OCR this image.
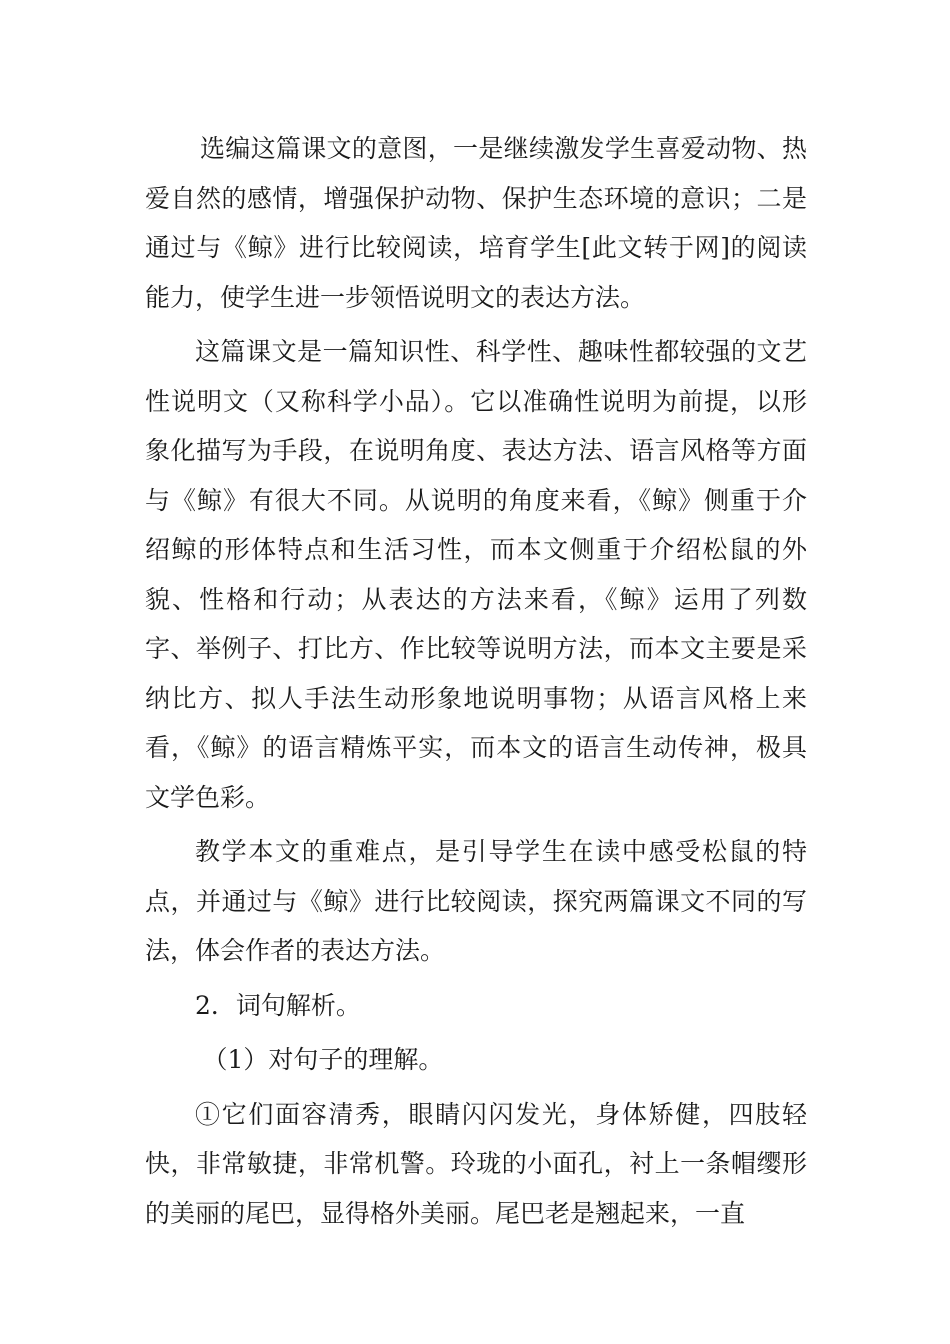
选编这篇课文的意图，一是继续激发学生喜爱动物、热爱自然的感情，增强保护动物、保护生态环境的意识；二是通过与《鲸》进行比较阅读，培育学生[此文转于网]的阅读能力，使学生进一步领悟说明文的表达方法。

这篇课文是一篇知识性、科学性、趣味性都较强的文艺性说明文（又称科学小品）。它以准确性说明为前提，以形象化描写为手段，在说明角度、表达方法、语言风格等方面与《鲸》有很大不同。从说明的角度来看，《鲸》侧重于介绍鲸的形体特点和生活习性，而本文侧重于介绍松鼠的外貌、性格和行动；从表达的方法来看，《鲸》运用了列数字、举例子、打比方、作比较等说明方法，而本文主要是采纳比方、拟人手法生动形象地说明事物；从语言风格上来看，《鲸》的语言精炼平实，而本文的语言生动传神，极具文学色彩。

教学本文的重难点，是引导学生在读中感受松鼠的特点，并通过与《鲸》进行比较阅读，探究两篇课文不同的写法，体会作者的表达方法。

2．词句解析。

（1）对句子的理解。

①它们面容清秀，眼睛闪闪发光，身体矫健，四肢轻快，非常敏捷，非常机警。玲珑的小面孔，衬上一条帽缨形的美丽的尾巴，显得格外美丽。尾巴老是翘起来，一直
